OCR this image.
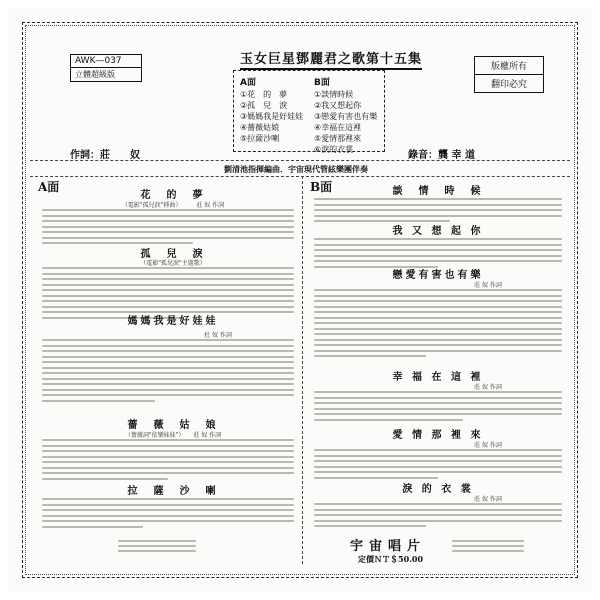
玉女巨星鄧麗君之歌第十五集
AWK—037
立體超級版
版權所有
翻印必究
A面
①花　的　夢
②孤　兒　淚
③媽媽我是好娃娃
④薔薇姑娘
⑤拉薩沙喇
B面
①談情時候
②我又想起你
③戀愛有害也有樂
④幸福在這裡
⑤愛情那裡來
⑥淚的衣裳
作詞：莊　　奴	錄音：龔 幸 道
劉清池指揮編曲．宇宙現代管絃樂團伴奏
A面
花　的　夢
（電影"孤兒淚"挿曲）　　　莊 奴 作詞
孤　兒　淚
（電影"孤兒淚"主題歌）
媽媽我是好娃娃
杜 奴 作詞
薔　薇　姑　娘
（薔薇詞"依樂妹妹"）　　莊 奴 作詞
拉　薩　沙　喇
B面	談　情　時　候
我 又 想 起 你
戀愛有害也有樂
莊 奴 作詞
幸 福 在 這 裡
莊 奴 作詞
愛 情 那 裡 來
莊 奴 作詞
淚 的 衣 裳
莊 奴 作詞
宇宙唱片
定價ＮＴ＄50.00
